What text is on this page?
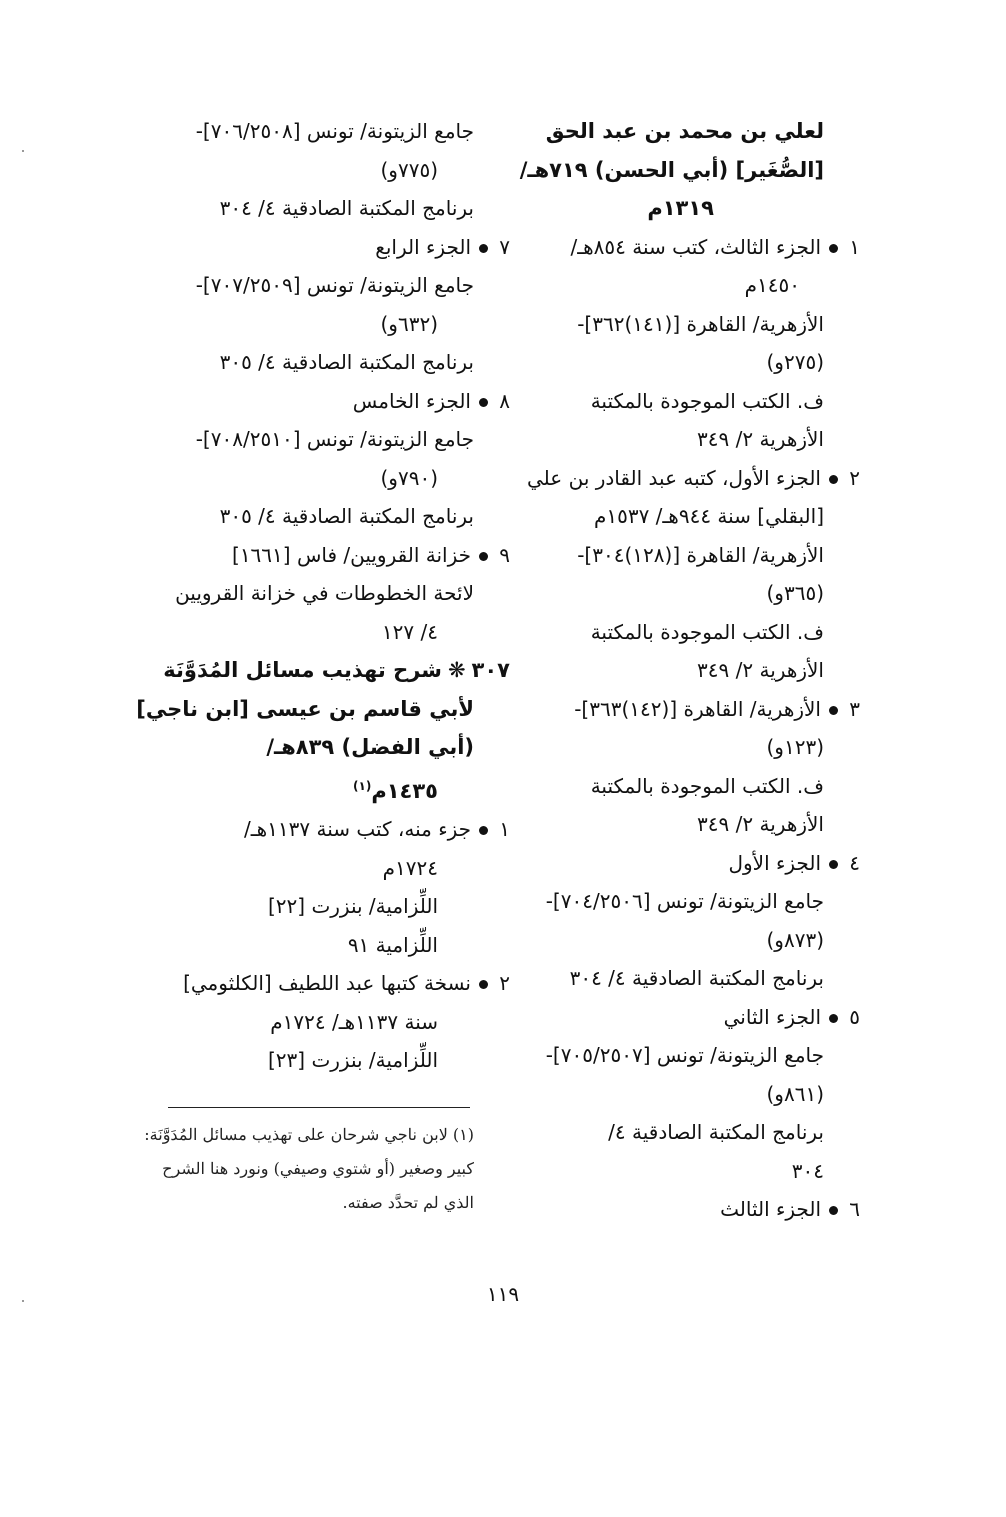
لعلي بن محمد بن عبد الحق
[الصُّغَير] (أبي الحسن) ٧١٩هـ/
١٣١٩م
١الجزء الثالث، كتب سنة ٨٥٤هـ/
١٤٥٠م
الأزهرية/ القاهرة [(١٤١)٣٦٢]-
(٢٧٥و)
ف. الكتب الموجودة بالمكتبة
الأزهرية ٢/ ٣٤٩
٢الجزء الأول، كتبه عبد القادر بن علي
[البقلي] سنة ٩٤٤هـ/ ١٥٣٧م
الأزهرية/ القاهرة [(١٢٨)٣٠٤]-
(٣٦٥و)
ف. الكتب الموجودة بالمكتبة
الأزهرية ٢/ ٣٤٩
٣الأزهرية/ القاهرة [(١٤٢)٣٦٣]-
(١٢٣و)
ف. الكتب الموجودة بالمكتبة
الأزهرية ٢/ ٣٤٩
٤الجزء الأول
جامع الزيتونة/ تونس [٧٠٤/٢٥٠٦]-
(٨٧٣و)
برنامج المكتبة الصادقية ٤/ ٣٠٤
٥الجزء الثاني
جامع الزيتونة/ تونس [٧٠٥/٢٥٠٧]-
(٨٦١و)
برنامج المكتبة الصادقية ٤/
٣٠٤
٦الجزء الثالث
جامع الزيتونة/ تونس [٧٠٦/٢٥٠٨]-
(٧٧٥و)
برنامج المكتبة الصادقية ٤/ ٣٠٤
٧الجزء الرابع
جامع الزيتونة/ تونس [٧٠٧/٢٥٠٩]-
(٦٣٢و)
برنامج المكتبة الصادقية ٤/ ٣٠٥
٨الجزء الخامس
جامع الزيتونة/ تونس [٧٠٨/٢٥١٠]-
(٧٩٠و)
برنامج المكتبة الصادقية ٤/ ٣٠٥
٩خزانة القرويين/ فاس [١٦٦١]
لائحة الخطوطات في خزانة القرويين
٤/ ١٢٧
٣٠٧❋شرح تهذيب مسائل المُدَوَّنَة
لأبي قاسم بن عيسى [ابن ناجي]
(أبي الفضل) ٨٣٩هـ/
١٤٣٥م$^{(١)}$
١جزء منه، كتب سنة ١١٣٧هـ/
١٧٢٤م
اللِّزامية/ بنزرت [٢٢]
اللِّزامية ٩١
٢نسخة كتبها عبد اللطيف [الكلثومي]
سنة ١١٣٧هـ/ ١٧٢٤م
اللِّزامية/ بنزرت [٢٣]
(١) لابن ناجي شرحان على تهذيب مسائل المُدَوَّنَة:
كبير وصغير (أو شتوي وصيفي) ونورد هنا الشرح
الذي لم تحدَّد صفته.
١١٩
